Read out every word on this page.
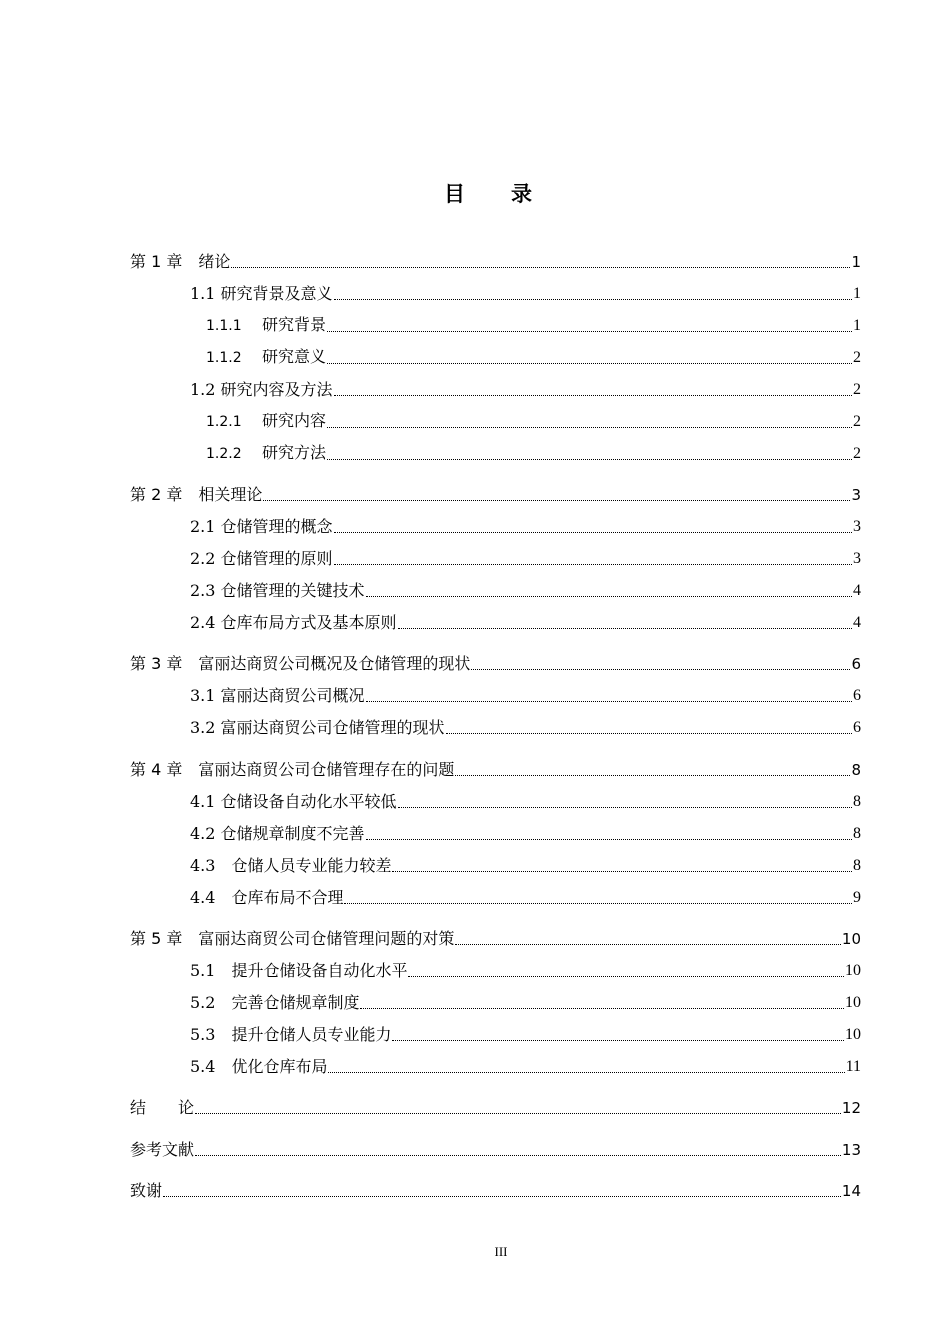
目 录
第 1 章　绪论	1
1.1 研究背景及意义	1
1.1.1 研究背景	1
1.1.2 研究意义	2
1.2 研究内容及方法	2
1.2.1 研究内容	2
1.2.2 研究方法	2
第 2 章　相关理论	3
2.1 仓储管理的概念	3
2.2 仓储管理的原则	3
2.3 仓储管理的关键技术	4
2.4 仓库布局方式及基本原则	4
第 3 章　富丽达商贸公司概况及仓储管理的现状	6
3.1 富丽达商贸公司概况	6
3.2 富丽达商贸公司仓储管理的现状	6
第 4 章　富丽达商贸公司仓储管理存在的问题	8
4.1 仓储设备自动化水平较低	8
4.2 仓储规章制度不完善	8
4.3　仓储人员专业能力较差	8
4.4　仓库布局不合理	9
第 5 章　富丽达商贸公司仓储管理问题的对策	10
5.1　提升仓储设备自动化水平	10
5.2　完善仓储规章制度	10
5.3　提升仓储人员专业能力	10
5.4　优化仓库布局	11
结　　论	12
参考文献	13
致谢	14
III
